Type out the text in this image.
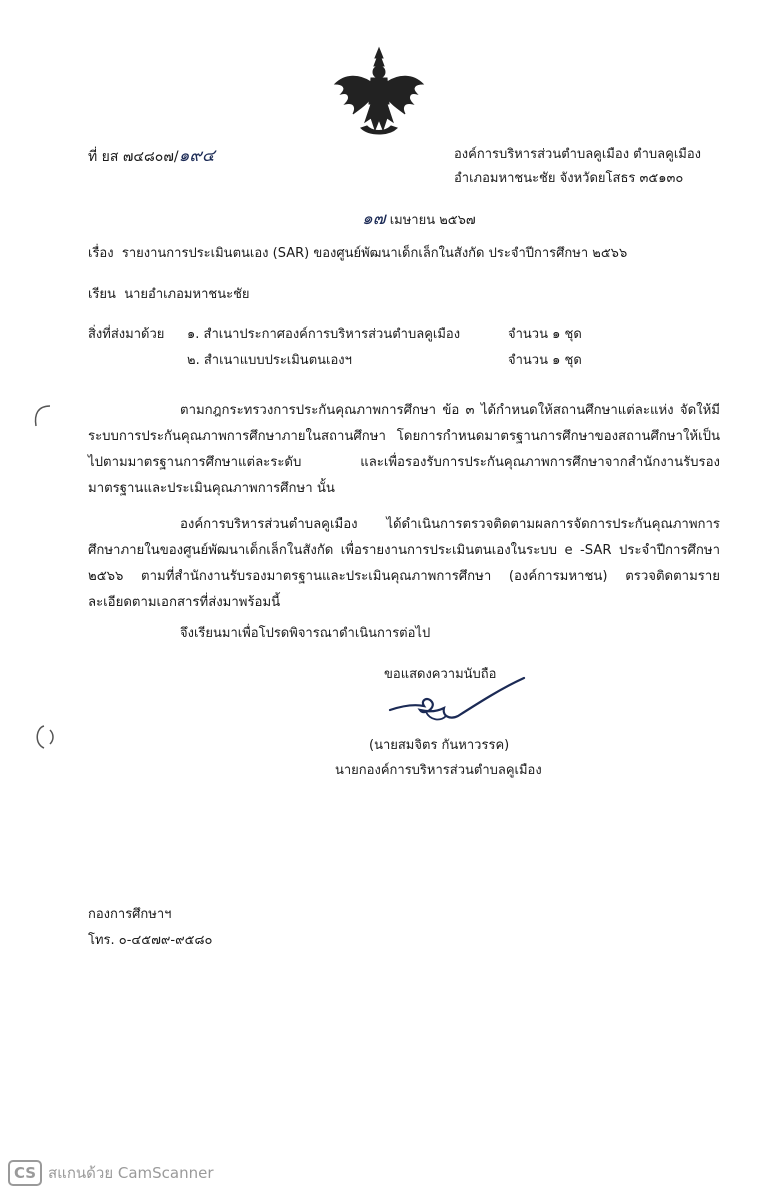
ที่ ยส ๗๔๘๐๗/๑๙๔	องค์การบริหารส่วนตำบลคูเมือง ตำบลคูเมือง
อำเภอมหาชนะชัย จังหวัดยโสธร ๓๕๑๓๐
๑๗ เมษายน ๒๕๖๗
เรื่อง รายงานการประเมินตนเอง (SAR) ของศูนย์พัฒนาเด็กเล็กในสังกัด ประจำปีการศึกษา ๒๕๖๖
เรียน นายอำเภอมหาชนะชัย
สิ่งที่ส่งมาด้วย ๑. สำเนาประกาศองค์การบริหารส่วนตำบลคูเมือง	จำนวน ๑ ชุด
๒. สำเนาแบบประเมินตนเองฯ	จำนวน ๑ ชุด
ตามกฎกระทรวงการประกันคุณภาพการศึกษา ข้อ ๓ ได้กำหนดให้สถานศึกษาแต่ละแห่ง จัดให้มีระบบการประกันคุณภาพการศึกษาภายในสถานศึกษา โดยการกำหนดมาตรฐานการศึกษาของสถานศึกษาให้เป็นไปตามมาตรฐานการศึกษาแต่ละระดับ และเพื่อรองรับการประกันคุณภาพการศึกษาจากสำนักงานรับรองมาตรฐานและประเมินคุณภาพการศึกษา นั้น
องค์การบริหารส่วนตำบลคูเมือง ได้ดำเนินการตรวจติดตามผลการจัดการประกันคุณภาพการศึกษาภายในของศูนย์พัฒนาเด็กเล็กในสังกัด เพื่อรายงานการประเมินตนเองในระบบ e -SAR ประจำปีการศึกษา ๒๕๖๖ ตามที่สำนักงานรับรองมาตรฐานและประเมินคุณภาพการศึกษา (องค์การมหาชน) ตรวจติดตามรายละเอียดตามเอกสารที่ส่งมาพร้อมนี้
จึงเรียนมาเพื่อโปรดพิจารณาดำเนินการต่อไป
ขอแสดงความนับถือ
(นายสมจิตร กันหาวรรค)
นายกองค์การบริหารส่วนตำบลคูเมือง
กองการศึกษาฯ
โทร. ๐-๔๕๗๙-๙๕๘๐
CS สแกนด้วย CamScanner
